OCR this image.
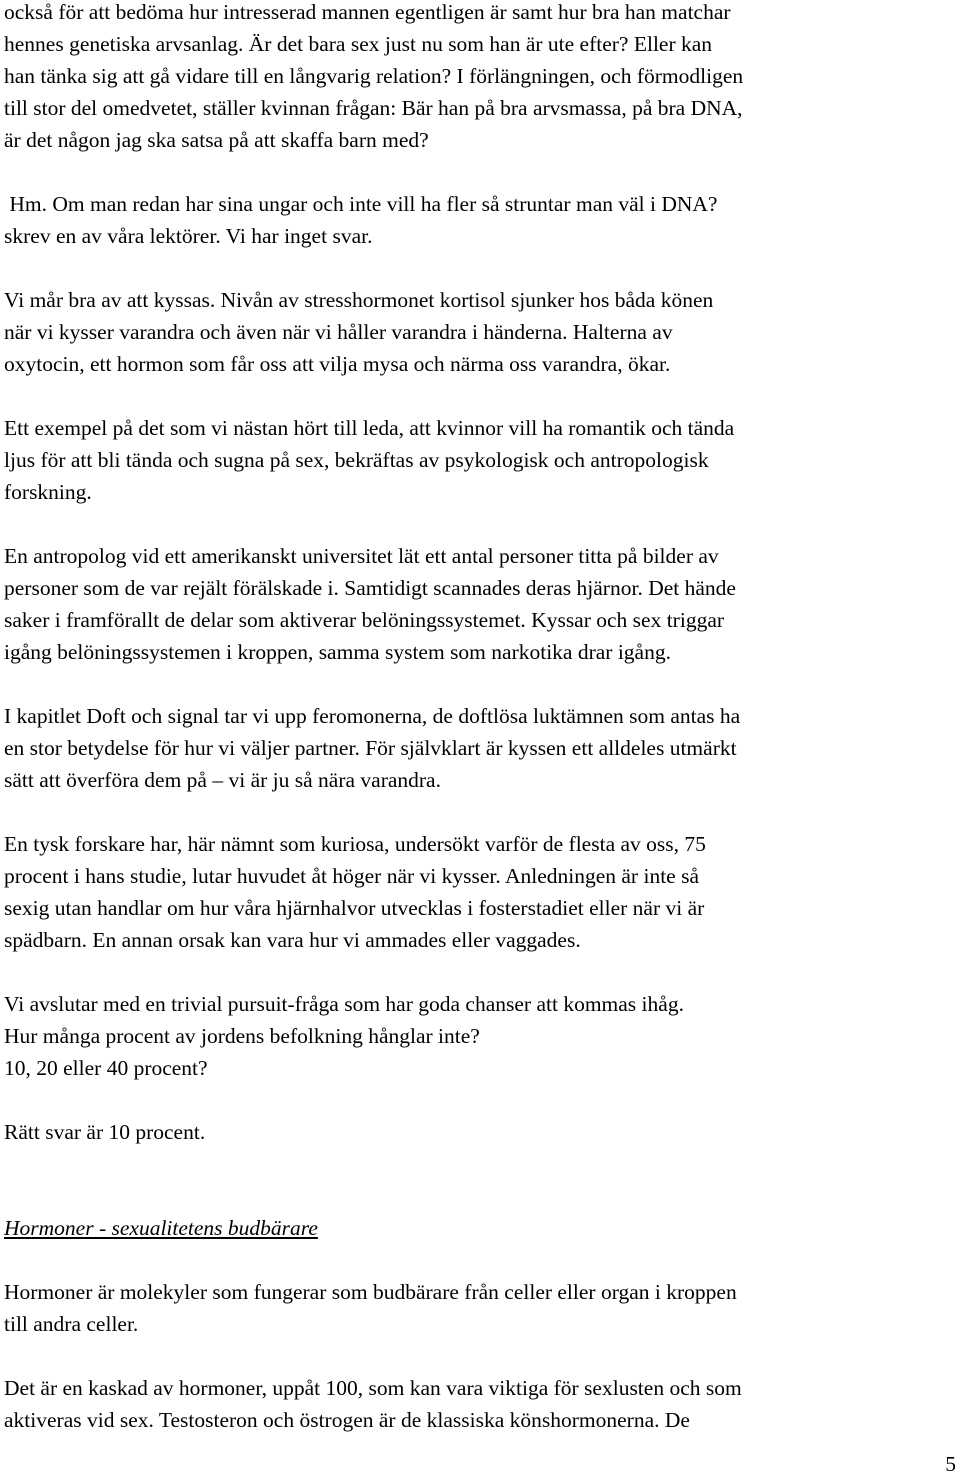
också för att bedöma hur intresserad mannen egentligen är samt hur bra han matchar
hennes genetiska arvsanlag. Är det bara sex just nu som han är ute efter? Eller kan
han tänka sig att gå vidare till en långvarig relation? I förlängningen, och förmodligen
till stor del omedvetet, ställer kvinnan frågan: Bär han på bra arvsmassa, på bra DNA,
är det någon jag ska satsa på att skaffa barn med?

Hm. Om man redan har sina ungar och inte vill ha fler så struntar man väl i DNA?
skrev en av våra lektörer. Vi har inget svar.

Vi mår bra av att kyssas. Nivån av stresshormonet kortisol sjunker hos båda könen
när vi kysser varandra och även när vi håller varandra i händerna. Halterna av
oxytocin, ett hormon som får oss att vilja mysa och närma oss varandra, ökar.

Ett exempel på det som vi nästan hört till leda, att kvinnor vill ha romantik och tända
ljus för att bli tända och sugna på sex, bekräftas av psykologisk och antropologisk
forskning.

En antropolog vid ett amerikanskt universitet lät ett antal personer titta på bilder av
personer som de var rejält förälskade i. Samtidigt scannades deras hjärnor. Det hände
saker i framförallt de delar som aktiverar belöningssystemet. Kyssar och sex triggar
igång belöningssystemen i kroppen, samma system som narkotika drar igång.

I kapitlet Doft och signal tar vi upp feromonerna, de doftlösa luktämnen som antas ha
en stor betydelse för hur vi väljer partner. För självklart är kyssen ett alldeles utmärkt
sätt att överföra dem på – vi är ju så nära varandra.

En tysk forskare har, här nämnt som kuriosa, undersökt varför de flesta av oss, 75
procent i hans studie, lutar huvudet åt höger när vi kysser. Anledningen är inte så
sexig utan handlar om hur våra hjärnhalvor utvecklas i fosterstadiet eller när vi är
spädbarn. En annan orsak kan vara hur vi ammades eller vaggades.

Vi avslutar med en trivial pursuit-fråga som har goda chanser att kommas ihåg.
Hur många procent av jordens befolkning hånglar inte?
10, 20 eller 40 procent?

Rätt svar är 10 procent.

Hormoner - sexualitetens budbärare

Hormoner är molekyler som fungerar som budbärare från celler eller organ i kroppen
till andra celler.

Det är en kaskad av hormoner, uppåt 100, som kan vara viktiga för sexlusten och som
aktiveras vid sex. Testosteron och östrogen är de klassiska könshormonerna. De

5
